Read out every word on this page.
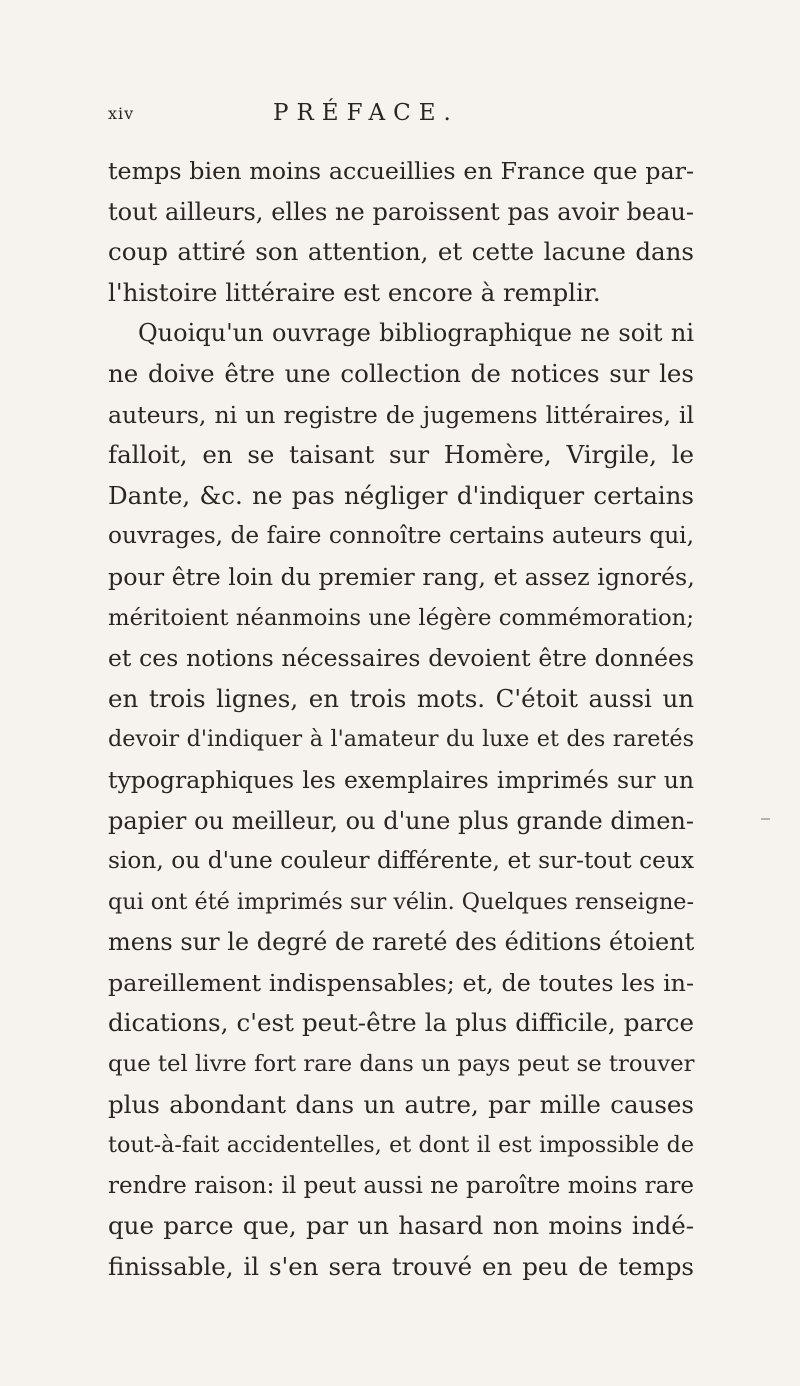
xiv	PRÉFACE.
temps bien moins accueillies en France que par-
tout ailleurs, elles ne paroissent pas avoir beau-
coup attiré son attention, et cette lacune dans
l'histoire littéraire est encore à remplir.
Quoiqu'un ouvrage bibliographique ne soit ni
ne doive être une collection de notices sur les
auteurs, ni un registre de jugemens littéraires, il
falloit, en se taisant sur Homère, Virgile, le
Dante, &c. ne pas négliger d'indiquer certains
ouvrages, de faire connoître certains auteurs qui,
pour être loin du premier rang, et assez ignorés,
méritoient néanmoins une légère commémoration;
et ces notions nécessaires devoient être données
en trois lignes, en trois mots. C'étoit aussi un
devoir d'indiquer à l'amateur du luxe et des raretés
typographiques les exemplaires imprimés sur un
papier ou meilleur, ou d'une plus grande dimen-
sion, ou d'une couleur différente, et sur-tout ceux
qui ont été imprimés sur vélin. Quelques renseigne-
mens sur le degré de rareté des éditions étoient
pareillement indispensables; et, de toutes les in-
dications, c'est peut-être la plus difficile, parce
que tel livre fort rare dans un pays peut se trouver
plus abondant dans un autre, par mille causes
tout-à-fait accidentelles, et dont il est impossible de
rendre raison: il peut aussi ne paroître moins rare
que parce que, par un hasard non moins indé-
finissable, il s'en sera trouvé en peu de temps
